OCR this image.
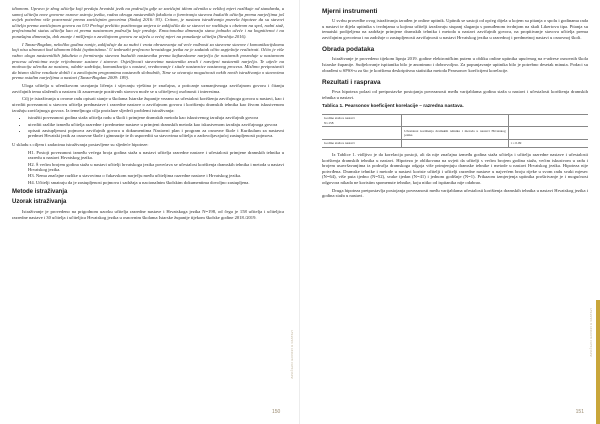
idiomom. Upravo je zbog učitelja koji predaju hrvatski jezik na području gdje se zavičajni idiom učenika u velikoj mjeri razlikuje od standarda, u samoj učitelja nove govorne osnove ustroju jezika, radna okruga nastavnikih fakulteta o formiranju stavova budućih učitelja prema narječjima još uvijek potrebno više pozornosti prema zavičajnim govorima (Sinkaj 2016: 93). Critom, je nastava istraživanja pozvela hipoteze da su stavovi učitelja prema zavičajnom govoru na UO Prelogi prelittio pozitivnoga smjera te zaključila da se stavovi ne razlikuju s obzirom na spol, radni staž, profesionalni status učitelja kao ni prema nastavnom području koje predaje. Emocionalna dimenzija stava jednako učeće i na kognitivnoi i na ponašajnu dimenziju, dok znanje i mišljenja o zavičajnom govoru ne utječu u većoj mjeri na ponašanje učitelja (Strahija 2016).

I Tanza-Bogdan, nekoliko godina ranije, zaključuje da su nužni i vrata obrazovanja od veće vođnosti za stavovne stavove i komunikacijskomu koji nisu ulnosnoi kod idiomom bliski (optimistima.' U izobrazbi profesora hrvatskoga jezika ne je zadatak očito uspješnije realizirati. Očito je više važno uloga nastavničkih fakulteta o formiranju stavova budućih nastavnika prema kajkavskome narječju (te nastavnik posreduje u nastavnom procesu učenicima svoje vrijednosne sustave i stavove. Osjetljivosti stavovima nastavnika zrcali i razvijeni nastavnik narječja. Te utječe na motivaciju učenika za nastavu, odabir sadržaja, komunikaciju s nastavi, vrednovanje i sitale nastavnice nastavnog procesa. Mislimo pretpostaviti da bismo slične rezultate dobili i u zavičajnim programima nastavnih slobodnih, Time se otvaraju mogućnosti nekih novih istraživanja o stavovima prema ostalim narječjima u nastavi (Tanza-Bogdan 2009: 189).

Uloga učitelja u učenikovom usvajanju ličenja i stjecanju vještina je značajna, a poticanje uzmanjivnoga zavičajnom govoru i čitanju zavičajnih tema ulaženih u nastavu ili zauzevanje pozitivnih stavova može se u učiteljevoj osobnosti i interesima.

Cilj je istraživanja u ovome radu opisati stanje u školama Istarske županije vezano uz učestalost korištenja zavičajnoga govora u nastavi, kao i utvrditi povezanost u stavovu učitelja prednastave i razredne nastave o zavičajnom govoru i korištenju dramskih tehnika kao živom iskustvenom izražaju zavičajnoga govora. Iz temeljnoga cilja proizlaze sljedeći problemi istraživanja:

• istražiti povezanost godina staža učitelja radu u školi i primjene dramskih metoda kao iskustvenog izražaja zavičajnih govora
• utvrditi razlike između učitelja razredne i predmetne nastave u primjeni dramskih metoda kao iskustvenom izražaju zavičajnoga govora
• opisati zastupljenost pojmova zavičajnih govora u dokumentima Nastavni plan i program za osnovne škole i Kurikulum za nastavni predmet Hrvatski jezik za osnovne škole i gimnazije te ih usporediti sa stavovima učitelja o zadovoljavajućoj zastupljenosti pojmova.

U skladu s ciljem i zadacima istraživanja postavljene su sljedeće hipoteze:

H1. Postoji povezanost između većega broja godina staža u nastavi učitelja razredne nastave i učestalosti primjene dramskih tehnika u razredu u nastavi Hrvatskog jezika.
H2. Š većim brojem godina staža u nastavi učitelji hrvatskoga jezika povećava se učestalost korištenja dramskih tehnika i metoda u nastavi Hrvatskog jezika.
H3. Nema značajne razlike u stavovima o čakavskom narječju među učiteljima razredne nastave i Hrvatskog jezika.
H4. Učitelji smatraju da je zastupljenost pojmova i sadržaja u nacionalnim školskim dokumentima dovoljno zastupljena.
Metode istraživanja
Uzorak istraživanja

Istraživanje je provedeno na prigodnom uzorku učitelja razredne nastave i Hrvatskoga jezika N=198, od čega je 158 učitelja i učiteljica razredne nastave i 30 učitelja i učiteljica Hrvatskog jezika u osnovnim školama Istarske županije tijekom školske godine 2018./2019.

ZAVIČAJNI GOVORI U NASTAVI
150
Mjerni instrumenti

U svrhu provedbe ovog istraživanja izrađen je online upitnik. Upitnik se sastoji od općeg dijela u kojem su pitanja o spolu i godinama rada u nastavi te dijela upitnika s tvrdnjama u kojima učitelji izražavaju stupanj slaganja s ponuđenom tvrdnjom na skali Likertova tipa. Pitanja su tematski podijeljena na zadržaje primjene dramskih tehnika i metoda u nastavi zavičajnih govora, na propitivanje stavova učitelja prema zavičajnim govorima i na zadržaje o zastupljenosti zavičajnosti u nastavi Hrvatskog jezika u razrednoj i predmetnoj nastavi u osnovnoj školi.

Obrada podataka

Istraživanje je provedeno tijekom lipnja 2019. godine elektroničkim putem u obliku online upitnika upućenog na e-adrese osnovnih škola Istarske županije. Sudjelovanje ispitanika bilo je anonimno i dobrovoljno. Za popunjavanje upitnika bilo je potrebno desetak minuta. Podaci su obrađeni u SPSS-u za što je korištena deskriptivna statistika metoda Pearsonov koeficijent korelacije.

Rezultati i rasprava

Prva hipoteza polazi od pretpostavke postojanja povezanosti među varijablama godina staža u nastavi i učestalosti korištenja dramskih tehnika u nastavi.

Tablica 1. Pearsonov koeficijent korelacije – razredna nastava.
Godine staža u nastavi
N=158		
	Učestalost korištenja dramskih tehnika i metoda u nastavi Hrvatskog jezika	
Godine staža u nastavi		r = 0.09

Iz Tablice 1. vidljivo je da korelacija postoji, ali da nije značajna između godina staža učitelja i učitelja razredne nastave i učestalosti korištenja dramskih tehnika u nastavi. Hipoteza je oblikovana na uvjeti da učitelji s većim brojem godina staža, većim iskustvom u radu i brojem usavršavanjima iz područja dramskoga odgoja više primjenjuju dramske tehnike i metode u nastavi Hrvatskog jezika. Hipoteza nije potvrđena. Dramske tehnike i metode u nastavi koriste učitelji i učitelji razredne nastave u najvećem broju rijeke u svom radu svaki mjesec (N=64), više puta tjedno (N=52), svake tjedan (N=41) i jednom godišnje (N=1). Prikazom izmjerjenja upitnika proširivanje je i mogućnost odgovora nikada ne koristim spomenute tehnike, koju nitko od ispitanika nije odabrao.

Druga hipoteza pretpostavlja postojanja povezanosti među varijablama učestalosti korištenja dramskih tehnika u nastavi Hrvatskog jezika i godina staža u nastavi.

ZAVIČAJNI GOVORI U NASTAVI
151
